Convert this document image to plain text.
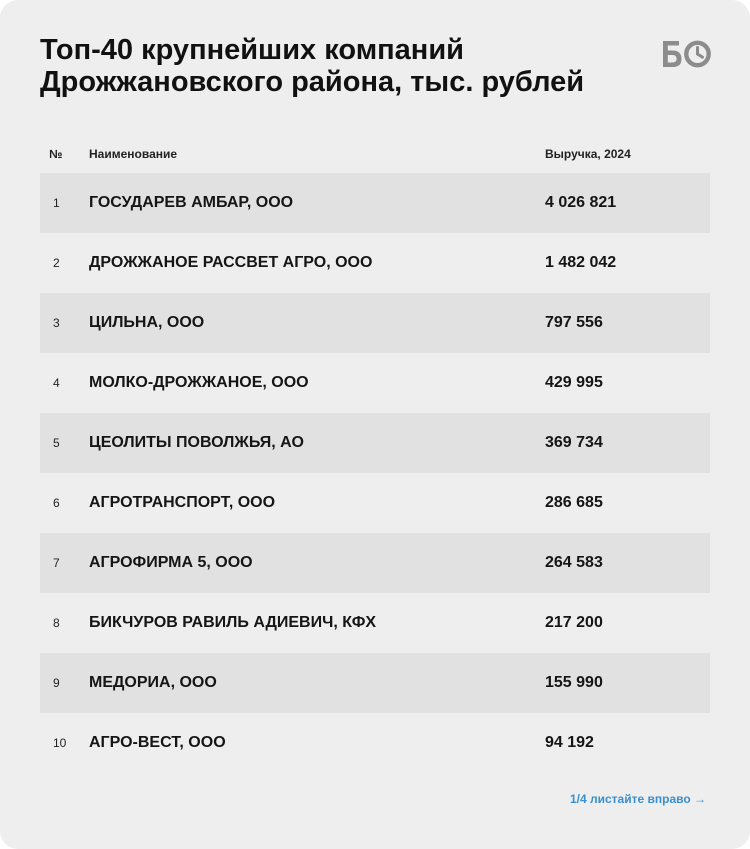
Топ-40 крупнейших компаний
Дрожжановского района, тыс. рублей
№ Наименование	Выручка, 2024
1 ГОСУДАРЕВ АМБАР, ООО	4 026 821
2 ДРОЖЖАНОЕ РАССВЕТ АГРО, ООО	1 482 042
3 ЦИЛЬНА, ООО	797 556
4 МОЛКО-ДРОЖЖАНОЕ, ООО	429 995
5 ЦЕОЛИТЫ ПОВОЛЖЬЯ, АО	369 734
6 АГРОТРАНСПОРТ, ООО	286 685
7 АГРОФИРМА 5, ООО	264 583
8 БИКЧУРОВ РАВИЛЬ АДИЕВИЧ, КФХ	217 200
9 МЕДОРИА, ООО	155 990
10 АГРО-ВЕСТ, ООО	94 192
1/4 листайте вправо →
